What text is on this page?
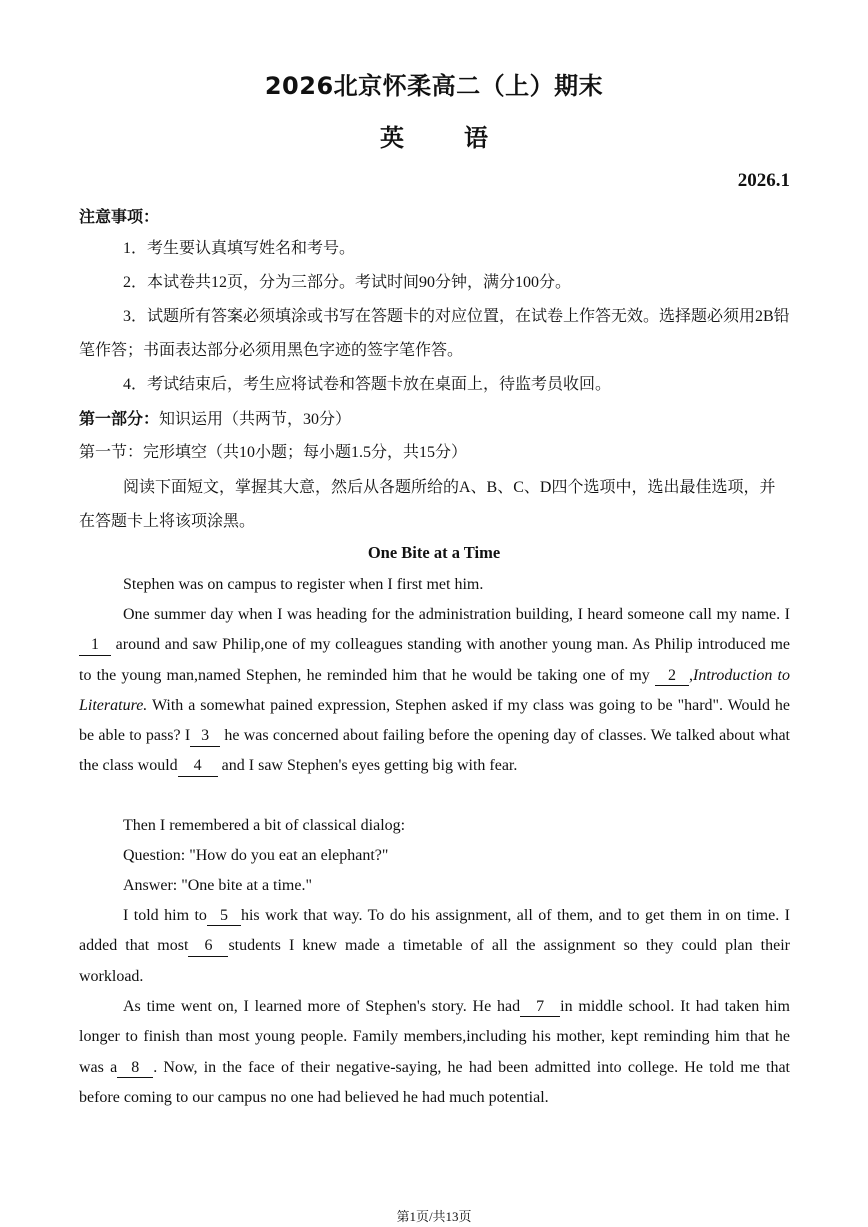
2026北京怀柔高二（上）期末
英	语
2026.1
注意事项：
1．考生要认真填写姓名和考号。
2．本试卷共12页，分为三部分。考试时间90分钟，满分100分。
3．试题所有答案必须填涂或书写在答题卡的对应位置，在试卷上作答无效。选择题必须用2B铅笔作答；书面表达部分必须用黑色字迹的签字笔作答。
4．考试结束后，考生应将试卷和答题卡放在桌面上，待监考员收回。
第一部分：知识运用（共两节，30分）
第一节：完形填空（共10小题；每小题1.5分，共15分）
阅读下面短文，掌握其大意，然后从各题所给的A、B、C、D四个选项中，选出最佳选项，并在答题卡上将该项涂黑。
One Bite at a Time
Stephen was on campus to register when I first met him.
One summer day when I was heading for the administration building, I heard someone call my name. I1 around and saw Philip,one of my colleagues standing with another young man. As Philip introduced me to the young man,named Stephen, he reminded him that he would be taking one of my 2 ,Introduction to Literature. With a somewhat pained expression, Stephen asked if my class was going to be "hard". Would he be able to pass? I 3 he was concerned about failing before the opening day of classes. We talked about what the class would 4 and I saw Stephen's eyes getting big with fear.
Then I remembered a bit of classical dialog:
Question: "How do you eat an elephant?"
Answer: "One bite at a time."
I told him to 5 his work that way. To do his assignment, all of them, and to get them in on time. I added that most 6 students I knew made a timetable of all the assignment so they could plan their workload.
As time went on, I learned more of Stephen's story. He had 7 in middle school. It had taken him longer to finish than most young people. Family members,including his mother, kept reminding him that he was a 8 . Now, in the face of their negative-saying, he had been admitted into college. He told me that before coming to our campus no one had believed he had much potential.
第1页/共13页
